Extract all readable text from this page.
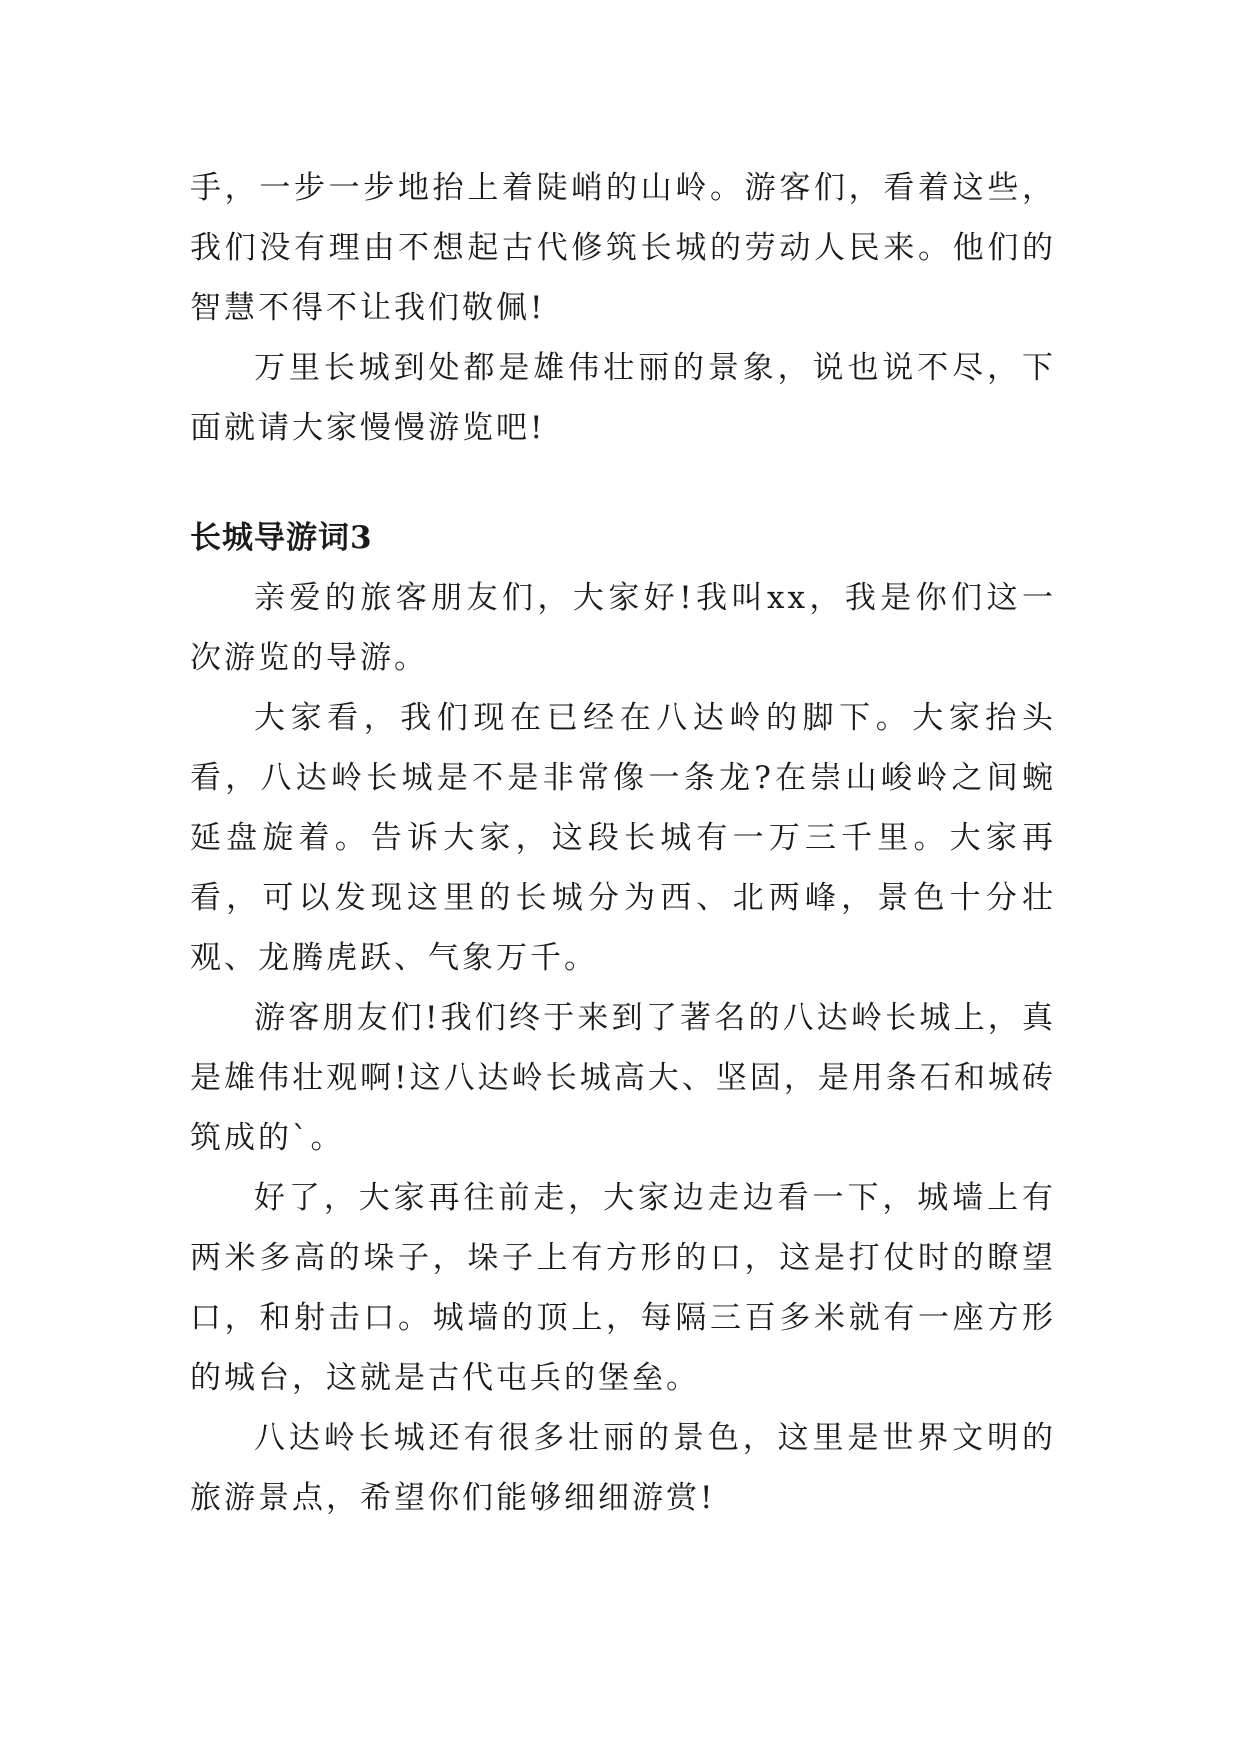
手，一步一步地抬上着陡峭的山岭。游客们，看着这些，我们没有理由不想起古代修筑长城的劳动人民来。他们的智慧不得不让我们敬佩!

万里长城到处都是雄伟壮丽的景象，说也说不尽，下面就请大家慢慢游览吧!

长城导游词3

亲爱的旅客朋友们，大家好!我叫xx，我是你们这一次游览的导游。

大家看，我们现在已经在八达岭的脚下。大家抬头看，八达岭长城是不是非常像一条龙?在崇山峻岭之间蜿延盘旋着。告诉大家，这段长城有一万三千里。大家再看，可以发现这里的长城分为西、北两峰，景色十分壮观、龙腾虎跃、气象万千。

游客朋友们!我们终于来到了著名的八达岭长城上，真是雄伟壮观啊!这八达岭长城高大、坚固，是用条石和城砖筑成的`。

好了，大家再往前走，大家边走边看一下，城墙上有两米多高的垛子，垛子上有方形的口，这是打仗时的瞭望口，和射击口。城墙的顶上，每隔三百多米就有一座方形的城台，这就是古代屯兵的堡垒。

八达岭长城还有很多壮丽的景色，这里是世界文明的旅游景点，希望你们能够细细游赏!
